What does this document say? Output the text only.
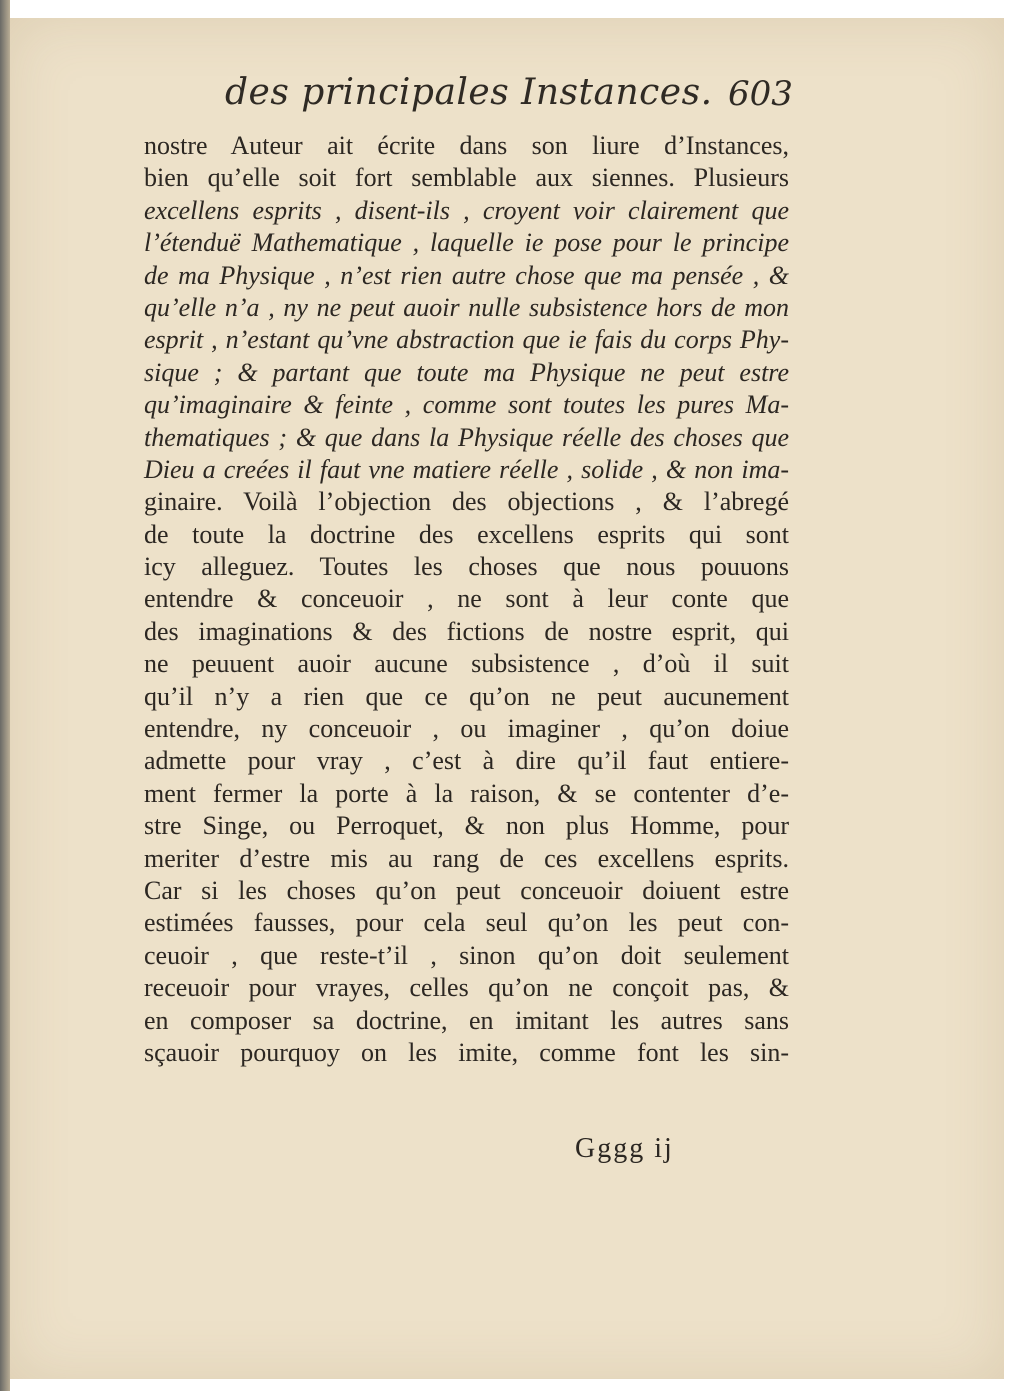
des principales Instances. 603
nostre Auteur ait écrite dans son liure d’Instances,
bien qu’elle soit fort semblable aux siennes. Plusieurs
excellens esprits , disent-ils , croyent voir clairement que
l’étenduë Mathematique , laquelle ie pose pour le principe
de ma Physique , n’est rien autre chose que ma pensée , &
qu’elle n’a , ny ne peut auoir nulle subsistence hors de mon
esprit , n’estant qu’vne abstraction que ie fais du corps Phy-
sique ; & partant que toute ma Physique ne peut estre
qu’imaginaire & feinte , comme sont toutes les pures Ma-
thematiques ; & que dans la Physique réelle des choses que
Dieu a creées il faut vne matiere réelle , solide , & non ima-
ginaire. Voilà l’objection des objections , & l’abregé
de toute la doctrine des excellens esprits qui sont
icy alleguez. Toutes les choses que nous pouuons
entendre & conceuoir , ne sont à leur conte que
des imaginations & des fictions de nostre esprit, qui
ne peuuent auoir aucune subsistence , d’où il suit
qu’il n’y a rien que ce qu’on ne peut aucunement
entendre, ny conceuoir , ou imaginer , qu’on doiue
admette pour vray , c’est à dire qu’il faut entiere-
ment fermer la porte à la raison, & se contenter d’e-
stre Singe, ou Perroquet, & non plus Homme, pour
meriter d’estre mis au rang de ces excellens esprits.
Car si les choses qu’on peut conceuoir doiuent estre
estimées fausses, pour cela seul qu’on les peut con-
ceuoir , que reste-t’il , sinon qu’on doit seulement
receuoir pour vrayes, celles qu’on ne conçoit pas, &
en composer sa doctrine, en imitant les autres sans
sçauoir pourquoy on les imite, comme font les sin-
Gggg ij
